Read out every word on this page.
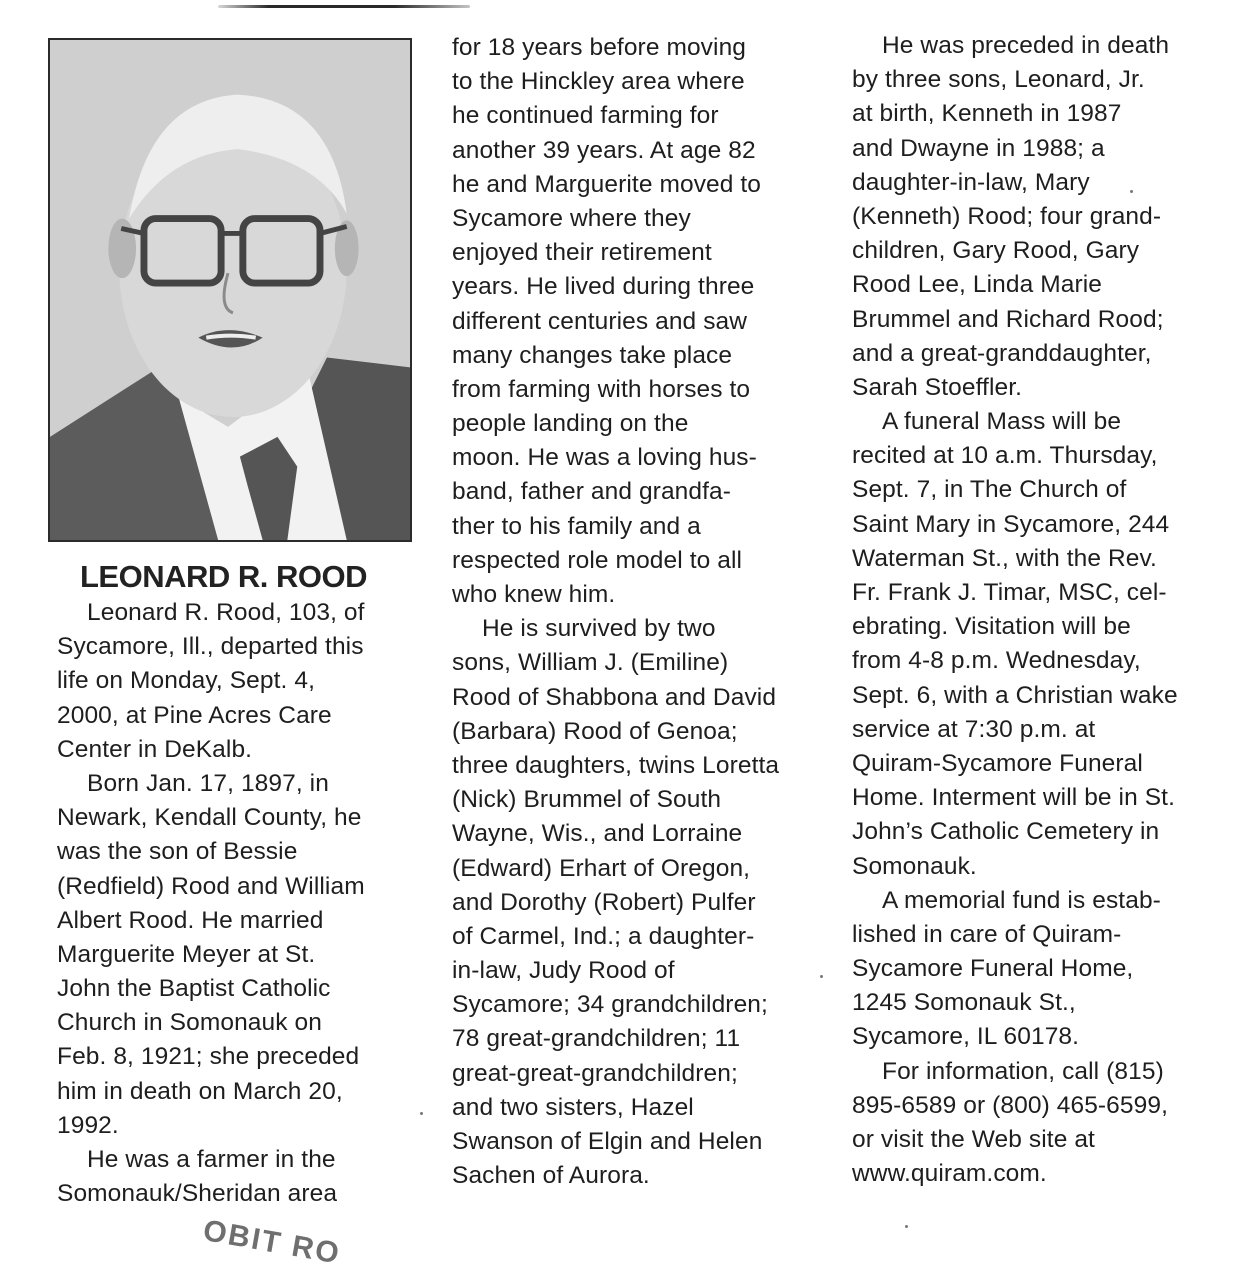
LEONARD R. ROOD
Leonard R. Rood, 103, of
Sycamore, Ill., departed this
life on Monday, Sept. 4,
2000, at Pine Acres Care
Center in DeKalb.
Born Jan. 17, 1897, in
Newark, Kendall County, he
was the son of Bessie
(Redfield) Rood and William
Albert Rood. He married
Marguerite Meyer at St.
John the Baptist Catholic
Church in Somonauk on
Feb. 8, 1921; she preceded
him in death on March 20,
1992.
He was a farmer in the
Somonauk/Sheridan area
for 18 years before moving
to the Hinckley area where
he continued farming for
another 39 years. At age 82
he and Marguerite moved to
Sycamore where they
enjoyed their retirement
years. He lived during three
different centuries and saw
many changes take place
from farming with horses to
people landing on the
moon. He was a loving hus-
band, father and grandfa-
ther to his family and a
respected role model to all
who knew him.
He is survived by two
sons, William J. (Emiline)
Rood of Shabbona and David
(Barbara) Rood of Genoa;
three daughters, twins Loretta
(Nick) Brummel of South
Wayne, Wis., and Lorraine
(Edward) Erhart of Oregon,
and Dorothy (Robert) Pulfer
of Carmel, Ind.; a daughter-
in-law, Judy Rood of
Sycamore; 34 grandchildren;
78 great-grandchildren; 11
great-great-grandchildren;
and two sisters, Hazel
Swanson of Elgin and Helen
Sachen of Aurora.
He was preceded in death
by three sons, Leonard, Jr.
at birth, Kenneth in 1987
and Dwayne in 1988; a
daughter-in-law, Mary
(Kenneth) Rood; four grand-
children, Gary Rood, Gary
Rood Lee, Linda Marie
Brummel and Richard Rood;
and a great-granddaughter,
Sarah Stoeffler.
A funeral Mass will be
recited at 10 a.m. Thursday,
Sept. 7, in The Church of
Saint Mary in Sycamore, 244
Waterman St., with the Rev.
Fr. Frank J. Timar, MSC, cel-
ebrating. Visitation will be
from 4-8 p.m. Wednesday,
Sept. 6, with a Christian wake
service at 7:30 p.m. at
Quiram-Sycamore Funeral
Home. Interment will be in St.
John’s Catholic Cemetery in
Somonauk.
A memorial fund is estab-
lished in care of Quiram-
Sycamore Funeral Home,
1245 Somonauk St.,
Sycamore, IL 60178.
For information, call (815)
895-6589 or (800) 465-6599,
or visit the Web site at
www.quiram.com.
OBIT RO
